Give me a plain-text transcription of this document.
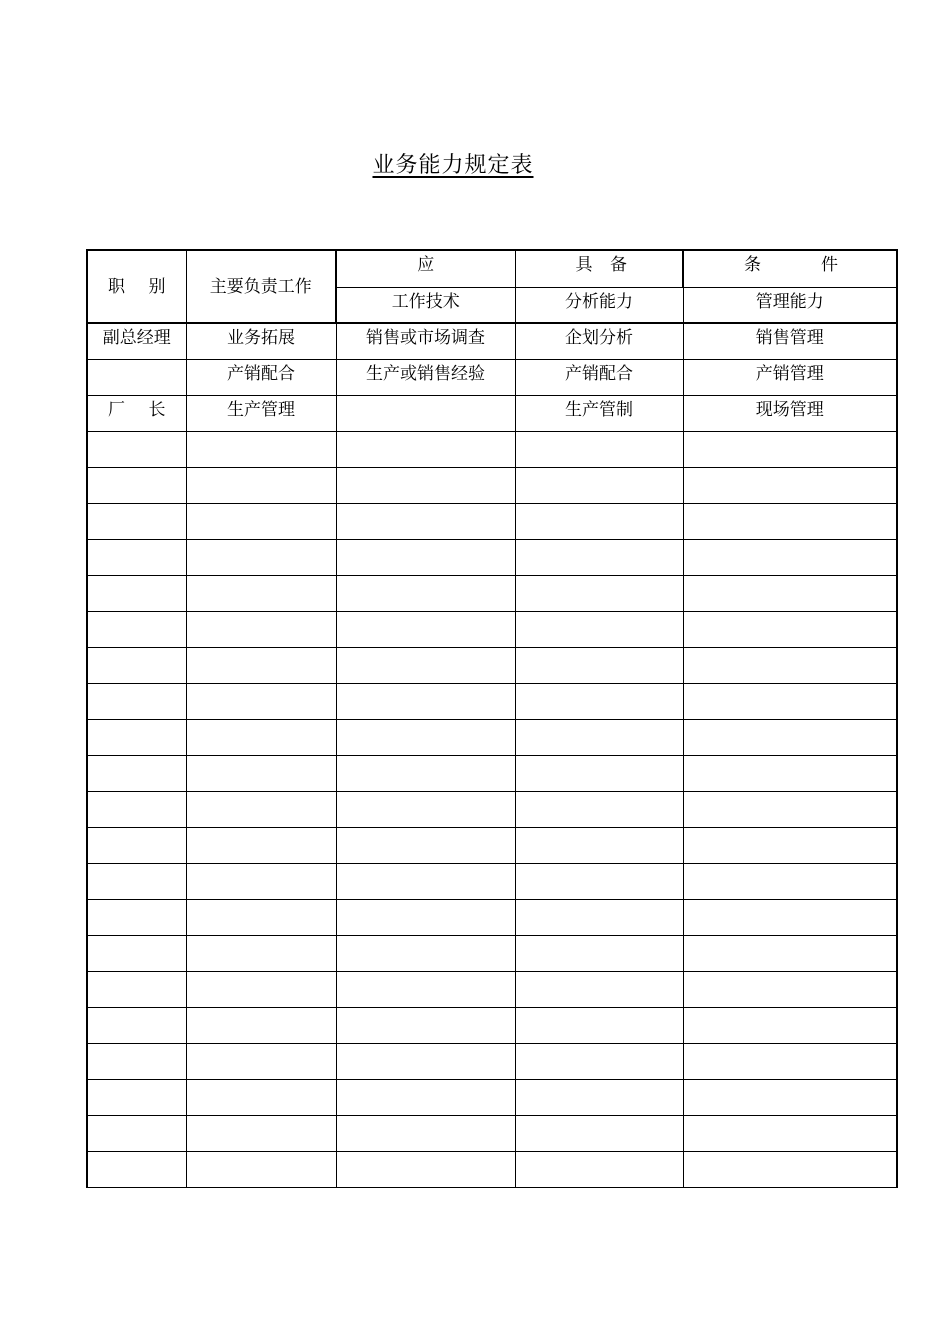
业务能力规定表
职 别	主要负责工作	应	具 备	条 件

		工作技术	分析能力	管理能力
副总经理	业务拓展	销售或市场调查	企划分析	销售管理
	产销配合	生产或销售经验	产销配合	产销管理

厂 长	生产管理		生产管制	现场管理
